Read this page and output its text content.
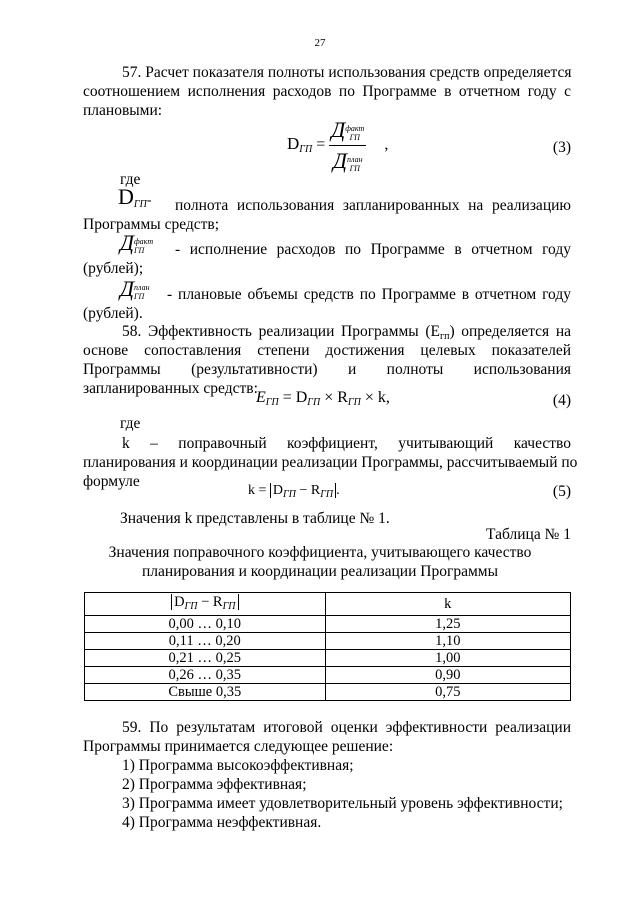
27
57. Расчет показателя полноты использования средств определяется
соотношением исполнения расходов по Программе в отчетном году с
плановыми:
$D_{ГП}$ =
Дфакт
ГП
Дплан
ГП
,	(3)
где
$D_{ГП}-$ полнота использования запланированных на реализацию
Программы средств;
Дфакт
ГП	- исполнение расходов по Программе в отчетном году
(рублей);
Дплан
ГП	- плановые объемы средств по Программе в отчетном году
(рублей).
58. Эффективность реализации Программы (Егп) определяется на
основе сопоставления степени достижения целевых показателей
Программы (результативности) и полноты использования
запланированных средств:
$E_{ГП} = D_{ГП} \times R_{ГП} \times k$,	(4)
где
k – поправочный коэффициент, учитывающий качество
планирования и координации реализации Программы, рассчитываемый по
формуле
$k = D_{ГП} - R_{ГП}$ .	(5)
Значения k представлены в таблице № 1.
Таблица № 1
Значения поправочного коэффициента, учитывающего качество
планирования и координации реализации Программы
$D_{ГП} - R_{ГП}$	k
0,00 … 0,10	1,25
0,11 … 0,20	1,10
0,21 … 0,25	1,00
0,26 … 0,35	0,90
Свыше 0,35	0,75
59. По результатам итоговой оценки эффективности реализации
Программы принимается следующее решение:
1) Программа высокоэффективная;
2) Программа эффективная;
3) Программа имеет удовлетворительный уровень эффективности;
4) Программа неэффективная.
